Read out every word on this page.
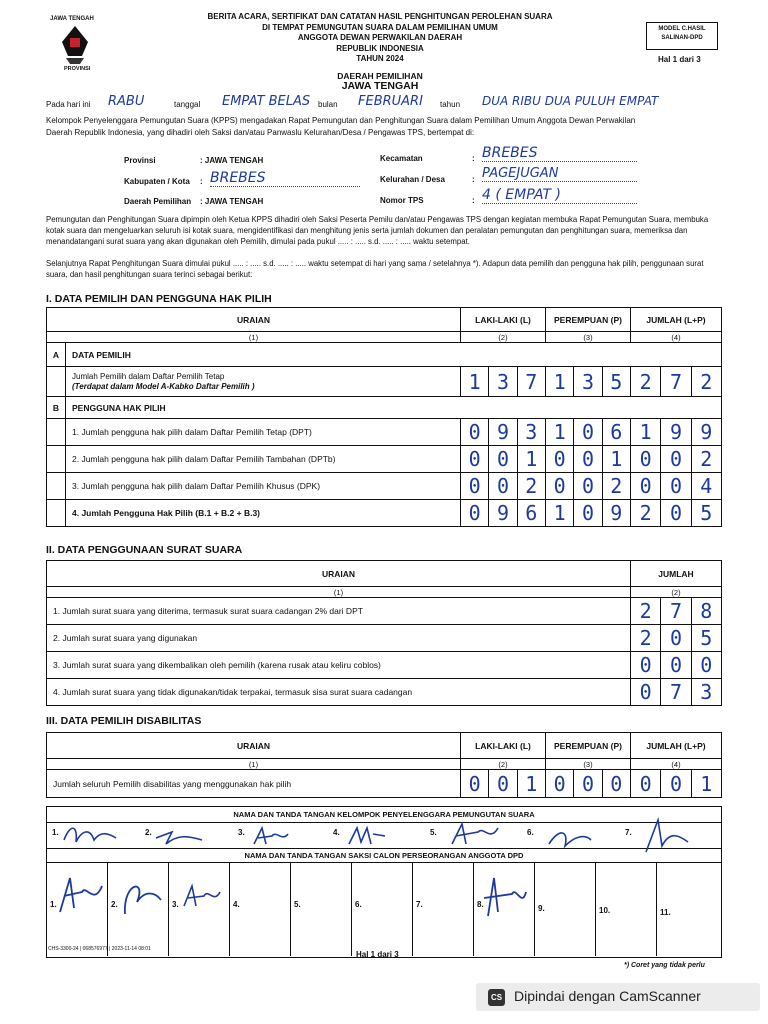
JAWA TENGAH
PROVINSI
BERITA ACARA, SERTIFIKAT DAN CATATAN HASIL PENGHITUNGAN PEROLEHAN SUARA
DI TEMPAT PEMUNGUTAN SUARA DALAM PEMILIHAN UMUM
ANGGOTA DEWAN PERWAKILAN DAERAH
REPUBLIK INDONESIA
TAHUN 2024
DAERAH PEMILIHAN
JAWA TENGAH
MODEL C.HASIL
SALINAN-DPD
Hal 1 dari 3
Pada hari ini RABU	tanggal EMPAT BELAS bulan FEBRUARI tahun DUA RIBU DUA PULUH EMPAT
Kelompok Penyelenggara Pemungutan Suara (KPPS) mengadakan Rapat Pemungutan dan Penghitungan Suara dalam Pemilihan Umum Anggota Dewan Perwakilan
Daerah Republik Indonesia, yang dihadiri oleh Saksi dan/atau Panwaslu Kelurahan/Desa / Pengawas TPS, bertempat di:
Provinsi	: JAWA TENGAH
Kabupaten / Kota : BREBES
Daerah Pemilihan : JAWA TENGAH
Kecamatan	: BREBES
Kelurahan / Desa	: PAGEJUGAN
Nomor TPS	: 4 ( EMPAT )
Pemungutan dan Penghitungan Suara dipimpin oleh Ketua KPPS dihadiri oleh Saksi Peserta Pemilu dan/atau Pengawas TPS dengan kegiatan membuka Rapat Pemungutan Suara, membuka kotak suara dan mengeluarkan seluruh isi kotak suara, mengidentifikasi dan menghitung jenis serta jumlah dokumen dan peralatan pemungutan dan penghitungan suara, memeriksa dan menandatangani surat suara yang akan digunakan oleh Pemilih, dimulai pada pukul ..... : ..... s.d. ..... : ..... waktu setempat.
Selanjutnya Rapat Penghitungan Suara dimulai pukul ..... : ..... s.d. ..... : ..... waktu setempat di hari yang sama / setelahnya *). Adapun data pemilih dan pengguna hak pilih, penggunaan surat suara, dan hasil penghitungan suara terinci sebagai berikut:
I. DATA PEMILIH DAN PENGGUNA HAK PILIH
URAIAN		LAKI-LAKI (L)			PEREMPUAN (P)			JUMLAH (L+P)		
(1)		(2)			(3)			(4)		
A	DATA PEMILIH									

	Jumlah Pemilih dalam Daftar Pemilih Tetap
(Terdapat dalam Model A-Kabko Daftar Pemilih )	1	3	7	1	3	5	2	7	2
B	PENGGUNA HAK PILIH									
	1. Jumlah pengguna hak pilih dalam Daftar Pemilih Tetap (DPT)	0	9	3	1	0	6	1	9	9
	2. Jumlah pengguna hak pilih dalam Daftar Pemilih Tambahan (DPTb)	0	0	1	0	0	1	0	0	2
	3. Jumlah pengguna hak pilih dalam Daftar Pemilih Khusus (DPK)	0	0	2	0	0	2	0	0	4
	4. Jumlah Pengguna Hak Pilih (B.1 + B.2 + B.3)	0	9	6	1	0	9	2	0	5
II. DATA PENGGUNAAN SURAT SUARA
URAIAN	JUMLAH		
(1)	(2)		
1. Jumlah surat suara yang diterima, termasuk surat suara cadangan 2% dari DPT	2	7	8
2. Jumlah surat suara yang digunakan	2	0	5
3. Jumlah surat suara yang dikembalikan oleh pemilih (karena rusak atau keliru coblos)	0	0	0
4. Jumlah surat suara yang tidak digunakan/tidak terpakai, termasuk sisa surat suara cadangan	0	7	3
III. DATA PEMILIH DISABILITAS
URAIAN	LAKI-LAKI (L)			PEREMPUAN (P)			JUMLAH (L+P)		
(1)	(2)			(3)			(4)		
Jumlah seluruh Pemilih disabilitas yang menggunakan hak pilih	0	0	1	0	0	0	0	0	1
NAMA DAN TANDA TANGAN KELOMPOK PENYELENGGARA PEMUNGUTAN SUARA
1.	2.	3.	4.	5.	6.	7.
NAMA DAN TANDA TANGAN SAKSI CALON PERSEORANGAN ANGGOTA DPD
1.	2.	3.	4.	5.	6.	7.	8.	9.	10.	11.
CHS-3300-24 | 068576977 | 2023-11-14 08:01
Hal 1 dari 3
*) Coret yang tidak perlu
CS Dipindai dengan CamScanner
